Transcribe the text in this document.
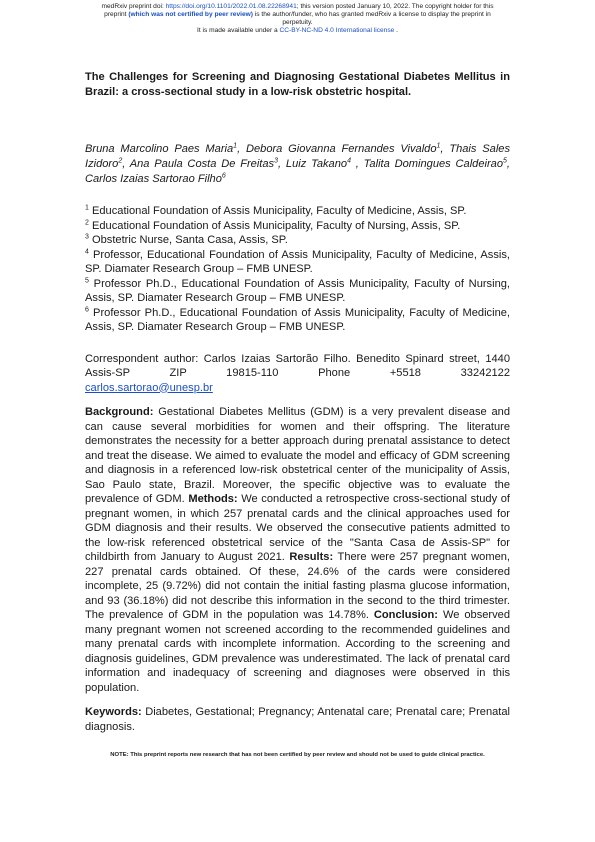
medRxiv preprint doi: https://doi.org/10.1101/2022.01.08.22268941; this version posted January 10, 2022. The copyright holder for this
preprint (which was not certified by peer review) is the author/funder, who has granted medRxiv a license to display the preprint in
perpetuity.
It is made available under a CC-BY-NC-ND 4.0 International license .

The Challenges for Screening and Diagnosing Gestational Diabetes Mellitus in Brazil: a cross-sectional study in a low-risk obstetric hospital.

Bruna Marcolino Paes Maria$^1$, Debora Giovanna Fernandes Vivaldo$^1$, Thais Sales Izidoro$^2$, Ana Paula Costa De Freitas$^3$, Luiz Takano$^4$ , Talita Domingues Caldeirao$^5$, Carlos Izaias Sartorao Filho$^6$
$^1$ Educational Foundation of Assis Municipality, Faculty of Medicine, Assis, SP.
$^2$ Educational Foundation of Assis Municipality, Faculty of Nursing, Assis, SP.
$^3$ Obstetric Nurse, Santa Casa, Assis, SP.
$^4$ Professor, Educational Foundation of Assis Municipality, Faculty of Medicine, Assis, SP. Diamater Research Group – FMB UNESP.
$^5$ Professor Ph.D., Educational Foundation of Assis Municipality, Faculty of Nursing, Assis, SP. Diamater Research Group – FMB UNESP.
$^6$ Professor Ph.D., Educational Foundation of Assis Municipality, Faculty of Medicine, Assis, SP. Diamater Research Group – FMB UNESP.
Correspondent author: Carlos Izaias Sartorão Filho. Benedito Spinard street, 1440 Assis-SP ZIP 19815-110 Phone +5518 33242122
carlos.sartorao@unesp.br
Background: Gestational Diabetes Mellitus (GDM) is a very prevalent disease and can cause several morbidities for women and their offspring. The literature demonstrates the necessity for a better approach during prenatal assistance to detect and treat the disease. We aimed to evaluate the model and efficacy of GDM screening and diagnosis in a referenced low-risk obstetrical center of the municipality of Assis, Sao Paulo state, Brazil. Moreover, the specific objective was to evaluate the prevalence of GDM. Methods: We conducted a retrospective cross-sectional study of pregnant women, in which 257 prenatal cards and the clinical approaches used for GDM diagnosis and their results. We observed the consecutive patients admitted to the low-risk referenced obstetrical service of the "Santa Casa de Assis-SP" for childbirth from January to August 2021. Results: There were 257 pregnant women, 227 prenatal cards obtained. Of these, 24.6% of the cards were considered incomplete, 25 (9.72%) did not contain the initial fasting plasma glucose information, and 93 (36.18%) did not describe this information in the second to the third trimester. The prevalence of GDM in the population was 14.78%. Conclusion: We observed many pregnant women not screened according to the recommended guidelines and many prenatal cards with incomplete information. According to the screening and diagnosis guidelines, GDM prevalence was underestimated. The lack of prenatal card information and inadequacy of screening and diagnoses were observed in this population.
Keywords: Diabetes, Gestational; Pregnancy; Antenatal care; Prenatal care; Prenatal diagnosis.
NOTE: This preprint reports new research that has not been certified by peer review and should not be used to guide clinical practice.
